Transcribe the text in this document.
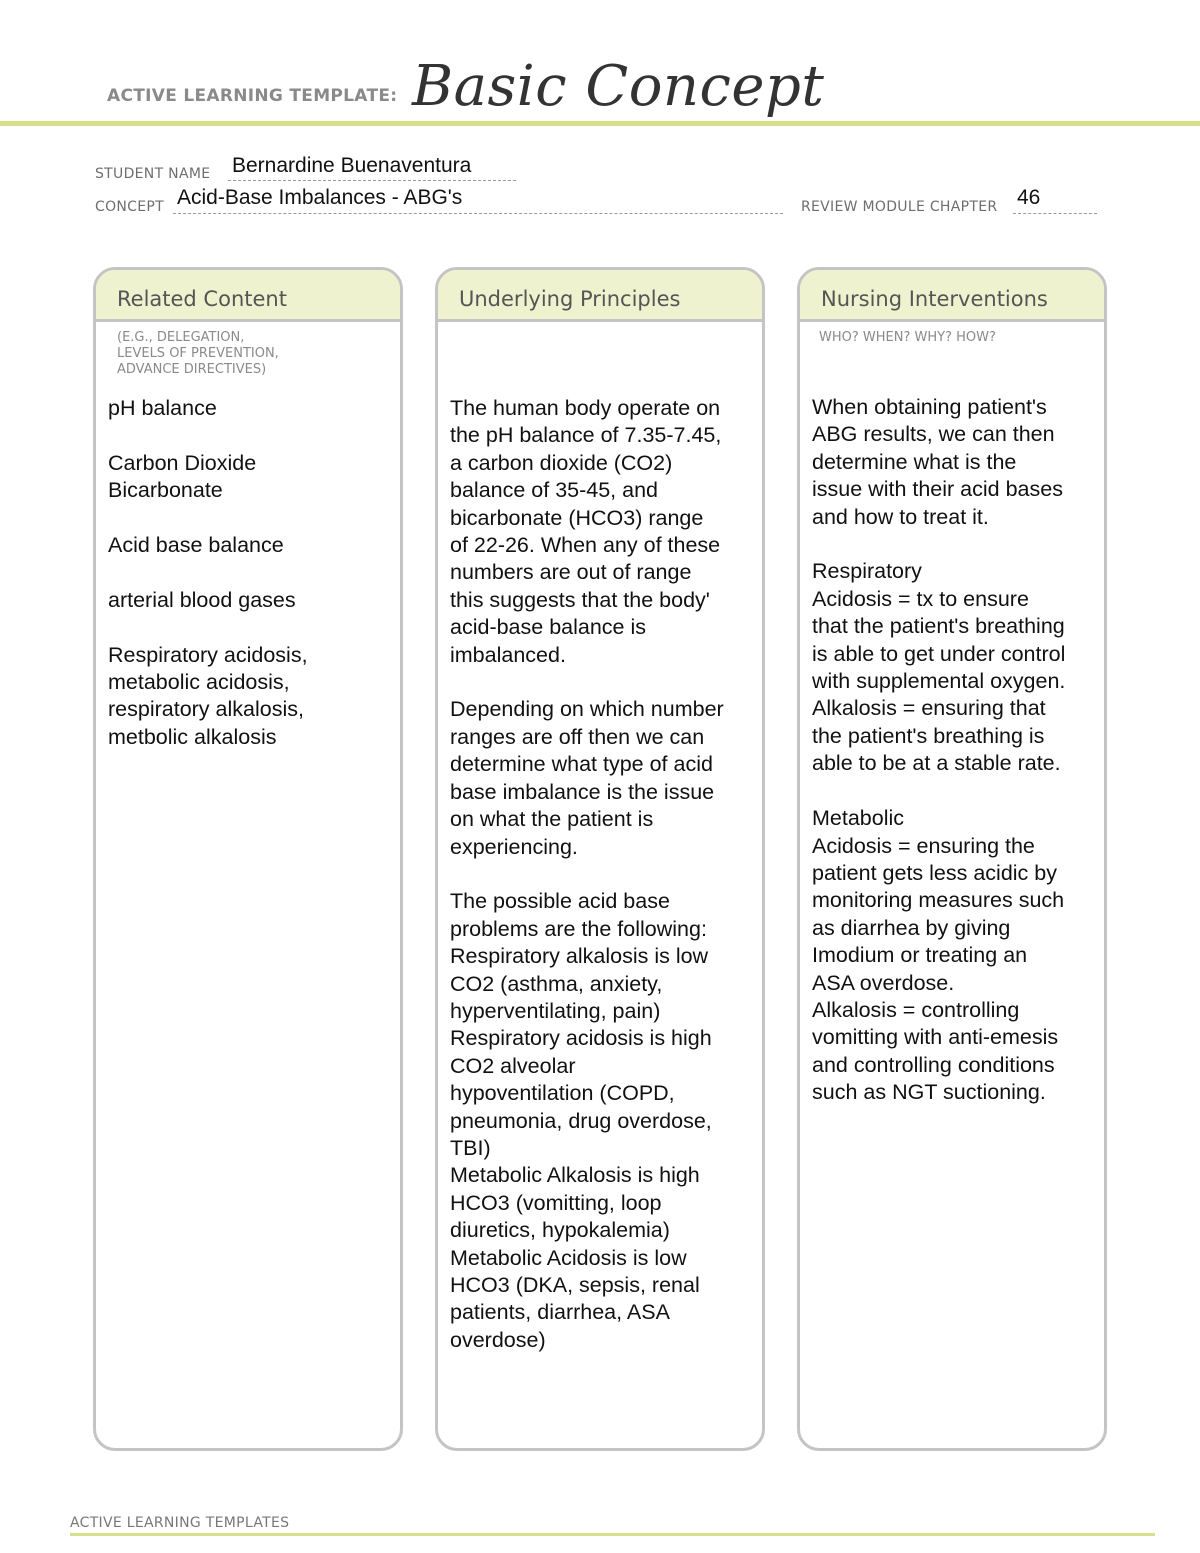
ACTIVE LEARNING TEMPLATE: Basic Concept
STUDENT NAME Bernardine Buenaventura
CONCEPT Acid-Base Imbalances - ABG's	REVIEW MODULE CHAPTER 46
Related Content
(E.G., DELEGATION,
LEVELS OF PREVENTION,
ADVANCE DIRECTIVES)
pH balance

Carbon Dioxide
Bicarbonate

Acid base balance

arterial blood gases

Respiratory acidosis,
metabolic acidosis,
respiratory alkalosis,
metbolic alkalosis
Underlying Principles
The human body operate on
the pH balance of 7.35-7.45,
a carbon dioxide (CO2)
balance of 35-45, and
bicarbonate (HCO3) range
of 22-26. When any of these
numbers are out of range
this suggests that the body'
acid-base balance is
imbalanced.

Depending on which number
ranges are off then we can
determine what type of acid
base imbalance is the issue
on what the patient is
experiencing.

The possible acid base
problems are the following:
Respiratory alkalosis is low
CO2 (asthma, anxiety,
hyperventilating, pain)
Respiratory acidosis is high
CO2 alveolar
hypoventilation (COPD,
pneumonia, drug overdose,
TBI)
Metabolic Alkalosis is high
HCO3 (vomitting, loop
diuretics, hypokalemia)
Metabolic Acidosis is low
HCO3 (DKA, sepsis, renal
patients, diarrhea, ASA
overdose)
Nursing Interventions
WHO? WHEN? WHY? HOW?
When obtaining patient's
ABG results, we can then
determine what is the
issue with their acid bases
and how to treat it.

Respiratory
Acidosis = tx to ensure
that the patient's breathing
is able to get under control
with supplemental oxygen.
Alkalosis = ensuring that
the patient's breathing is
able to be at a stable rate.

Metabolic
Acidosis = ensuring the
patient gets less acidic by
monitoring measures such
as diarrhea by giving
Imodium or treating an
ASA overdose.
Alkalosis = controlling
vomitting with anti-emesis
and controlling conditions
such as NGT suctioning.
ACTIVE LEARNING TEMPLATES
